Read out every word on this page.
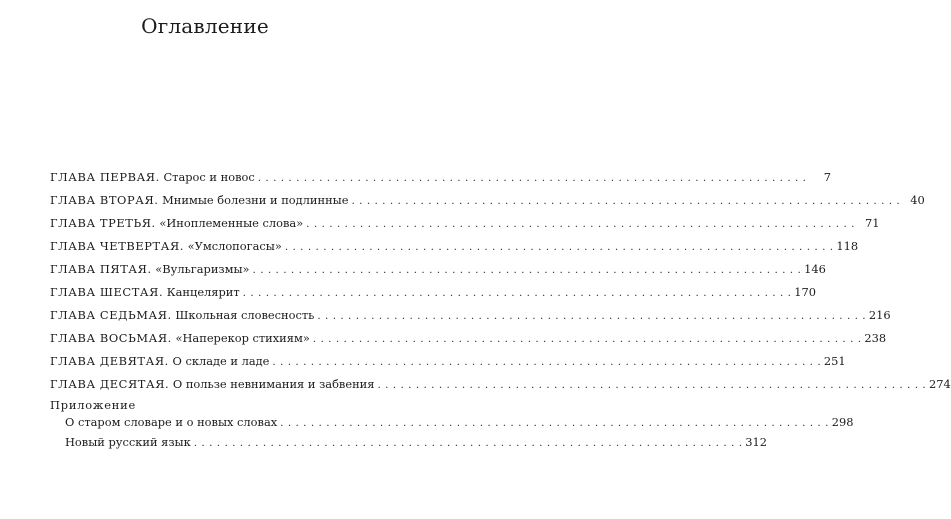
Оглавление
ГЛАВА ПЕРВАЯ. Старос и новос . . .	7
ГЛАВА ВТОРАЯ. Мнимые болезни и подлинные . . .	40
ГЛАВА ТРЕТЬЯ. «Иноплеменные слова» . . .	71
ГЛАВА ЧЕТВЕРТАЯ. «Умслопогасы» . . .	118
ГЛАВА ПЯТАЯ. «Вульгаризмы» . . .	146
ГЛАВА ШЕСТАЯ. Канцелярит . . .	170
ГЛАВА СЕДЬМАЯ. Школьная словесность . . .	216
ГЛАВА ВОСЬМАЯ. «Наперекор стихиям» . . .	238
ГЛАВА ДЕВЯТАЯ. О складе и ладе . . .	251
ГЛАВА ДЕСЯТАЯ. О пользе невнимания и забвения . . .	274
Приложение
О старом словаре и о новых словах . . .	298
Новый русский язык . . .	312
